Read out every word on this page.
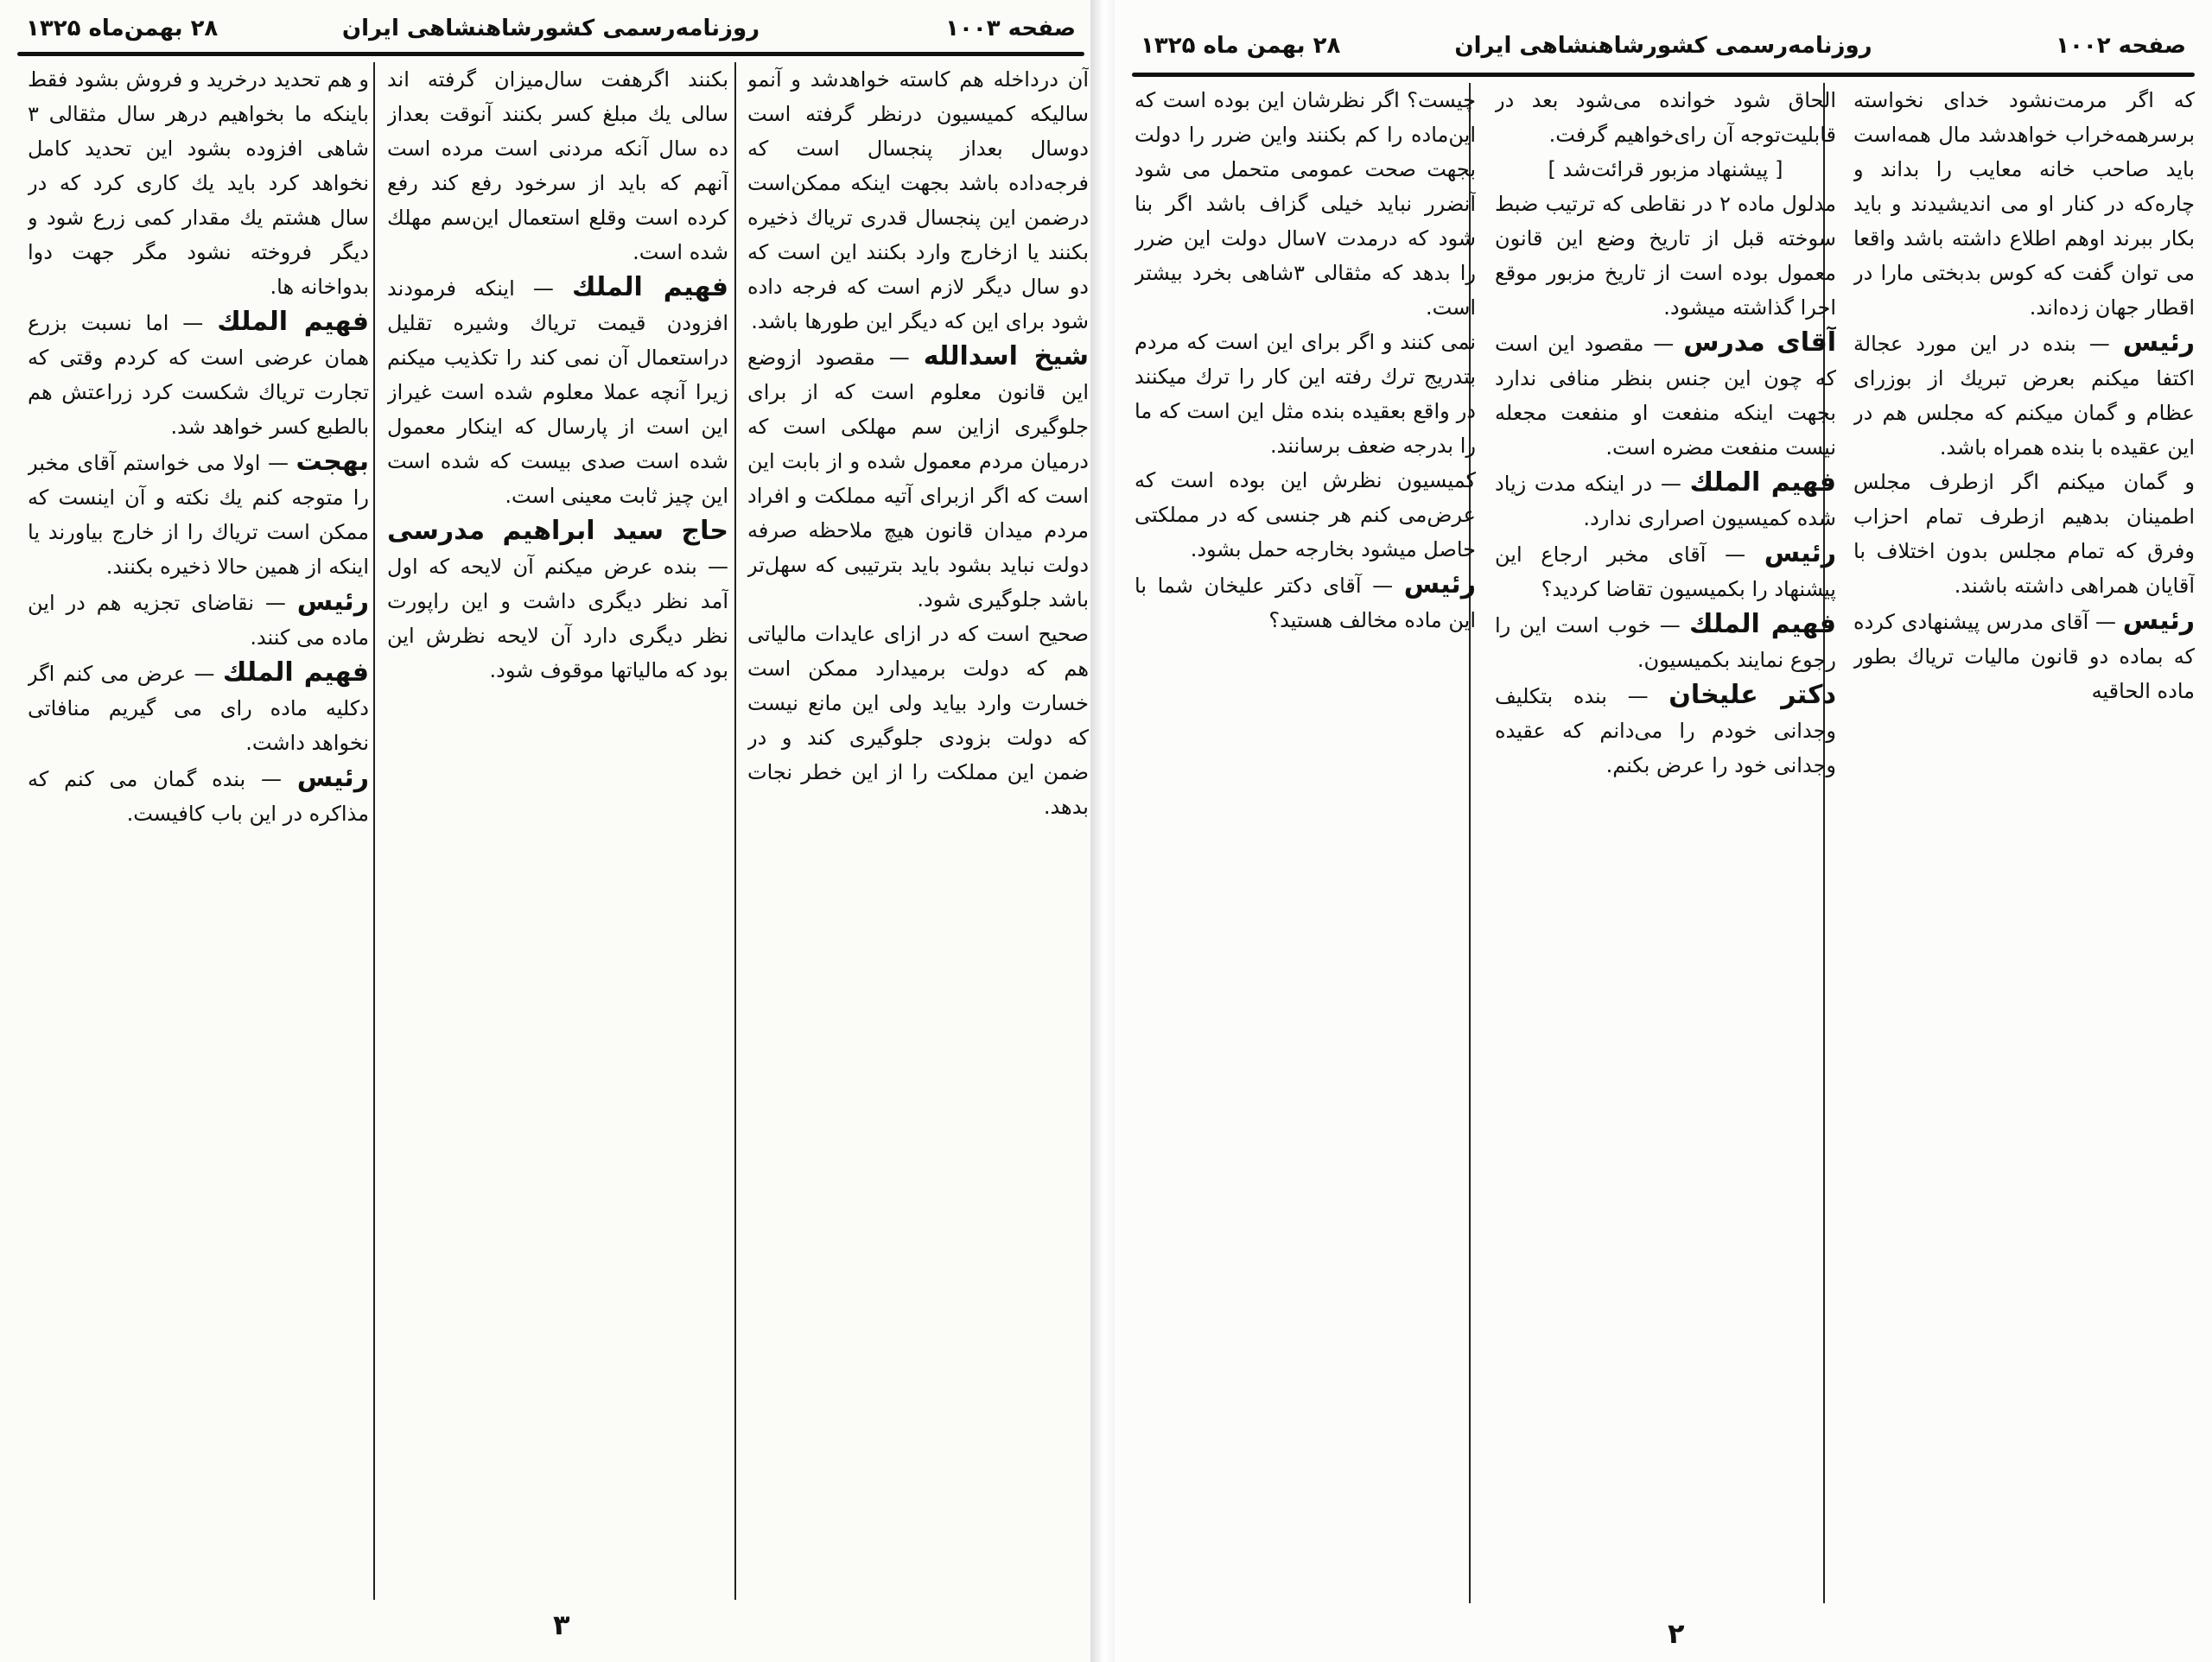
صفحه ۱۰۰۳
روزنامه‌رسمی کشورشاهنشاهی ایران
۲۸ بهمن‌ماه ۱۳۲۵

آن درداخله هم کاسته خواهدشد و آنمو سالیکه کمیسیون درنظر گرفته است دوسال بعداز پنجسال است که فرجه‌داده باشد بجهت اینکه ممکن‌است درضمن این پنجسال قدری تریاك ذخیره بکنند یا ازخارج وارد بکنند این است که دو سال دیگر لازم است که فرجه داده شود برای این که دیگر این طورها باشد.

شیخ اسدالله — مقصود ازوضع این قانون معلوم است که از برای جلوگیری ازاین سم مهلکی است که درمیان مردم معمول شده و از بابت این است که اگر ازبرای آتیه مملکت و افراد مردم میدان قانون هیچ ملاحظه صرفه دولت نباید بشود باید بترتیبی که سهل‌تر باشد جلوگیری شود.

صحیح است که در ازای عایدات مالیاتی هم که دولت برمیدارد ممکن است خسارت وارد بیاید ولی این مانع نیست که دولت بزودی جلوگیری کند و در ضمن این مملکت را از این خطر نجات بدهد.

بکنند اگرهفت سال‌میزان گرفته اند سالی یك مبلغ کسر بکنند آنوقت بعداز ده سال آنکه مردنی است مرده است آنهم که باید از سرخود رفع کند رفع کرده است وقلع استعمال این‌سم مهلك شده است.

فهیم الملك — اینکه فرمودند افزودن قیمت تریاك وشیره تقلیل دراستعمال آن نمی کند را تکذیب میکنم زیرا آنچه عملا معلوم شده است غیراز این است از پارسال که اینکار معمول شده است صدی بیست که شده است این چیز ثابت معینی است.

حاج سید ابراهیم مدرسی — بنده عرض میکنم آن لایحه که اول آمد نظر دیگری داشت و این راپورت نظر دیگری دارد آن لایحه نظرش این بود که مالیاتها موقوف شود.

و هم تحدید درخرید و فروش بشود فقط باینکه ما بخواهیم درهر سال مثقالی ۳ شاهی افزوده بشود این تحدید کامل نخواهد کرد باید یك کاری کرد که در سال هشتم یك مقدار کمی زرع شود و دیگر فروخته نشود مگر جهت دوا بدواخانه ها.

فهیم الملك — اما نسبت بزرع همان عرضی است که کردم وقتی که تجارت تریاك شکست کرد زراعتش هم بالطبع کسر خواهد شد.

بهجت — اولا می خواستم آقای مخبر را متوجه کنم یك نکته و آن اینست که ممکن است تریاك را از خارج بیاورند یا اینکه از همین حالا ذخیره بکنند.

رئیس — نقاضای تجزیه هم در این ماده می کنند.

فهیم الملك — عرض می کنم اگر دکلیه ماده رای می گیریم منافاتی نخواهد داشت.

رئیس — بنده گمان می کنم که مذاکره در این باب کافیست.

۳
صفحه ۱۰۰۲
روزنامه‌رسمی کشورشاهنشاهی ایران
۲۸ بهمن ماه ۱۳۲۵

که اگر مرمت‌نشود خدای نخواسته برسرهمه‌خراب خواهدشد مال همه‌است باید صاحب خانه معایب را بداند و چاره‌که در کنار او می اندیشیدند و باید بکار ببرند اوهم اطلاع داشته باشد واقعا می توان گفت که کوس بدبختی مارا در اقطار جهان زده‌اند.

رئیس — بنده در این مورد عجالة اکتفا میکنم بعرض تبریك از بوزرای عظام و گمان میکنم که مجلس هم در این عقیده با بنده همراه باشد.

و گمان میکنم اگر ازطرف مجلس اطمینان بدهیم ازطرف تمام احزاب وفرق که تمام مجلس بدون اختلاف با آقایان همراهی داشته باشند.

رئیس — آقای مدرس پیشنهادی کرده که بماده دو قانون مالیات تریاك بطور ماده الحاقیه

الحاق شود خوانده می‌شود بعد در قابلیت‌توجه آن رای‌خواهیم گرفت.

[ پیشنهاد مزبور قرائت‌شد ]

مدلول ماده ۲ در نقاطی که ترتیب ضبط سوخته قبل از تاریخ وضع این قانون معمول بوده است از تاریخ مزبور موقع اجرا گذاشته میشود.

آقای مدرس — مقصود این است که چون این جنس بنظر منافی ندارد بجهت اینکه منفعت او منفعت مجعله نیست منفعت مضره است.

فهیم الملك — در اینکه مدت زیاد شده کمیسیون اصراری ندارد.

رئیس — آقای مخبر ارجاع این پیشنهاد را بکمیسیون تقاضا کردید؟

فهیم الملك — خوب است این را رجوع نمایند بکمیسیون.

دکتر علیخان — بنده بتکلیف وجدانی خودم را می‌دانم که عقیده وجدانی خود را عرض بکنم.

چیست؟ اگر نظرشان این بوده است که این‌ماده را کم بکنند واین ضرر را دولت بجهت صحت عمومی متحمل می شود آنضرر نباید خیلی گزاف باشد اگر بنا شود که درمدت ۷سال دولت این ضرر را بدهد که مثقالی ۳شاهی بخرد بیشتر است.

نمی کنند و اگر برای این است که مردم بتدریج ترك رفته این کار را ترك میکنند در واقع بعقیده بنده مثل این است که ما را بدرجه ضعف برسانند.

کمیسیون نظرش این بوده است که عرض‌می کنم هر جنسی که در مملکتی حاصل میشود بخارجه حمل بشود.

رئیس — آقای دکتر علیخان شما با این ماده مخالف هستید؟

۲
